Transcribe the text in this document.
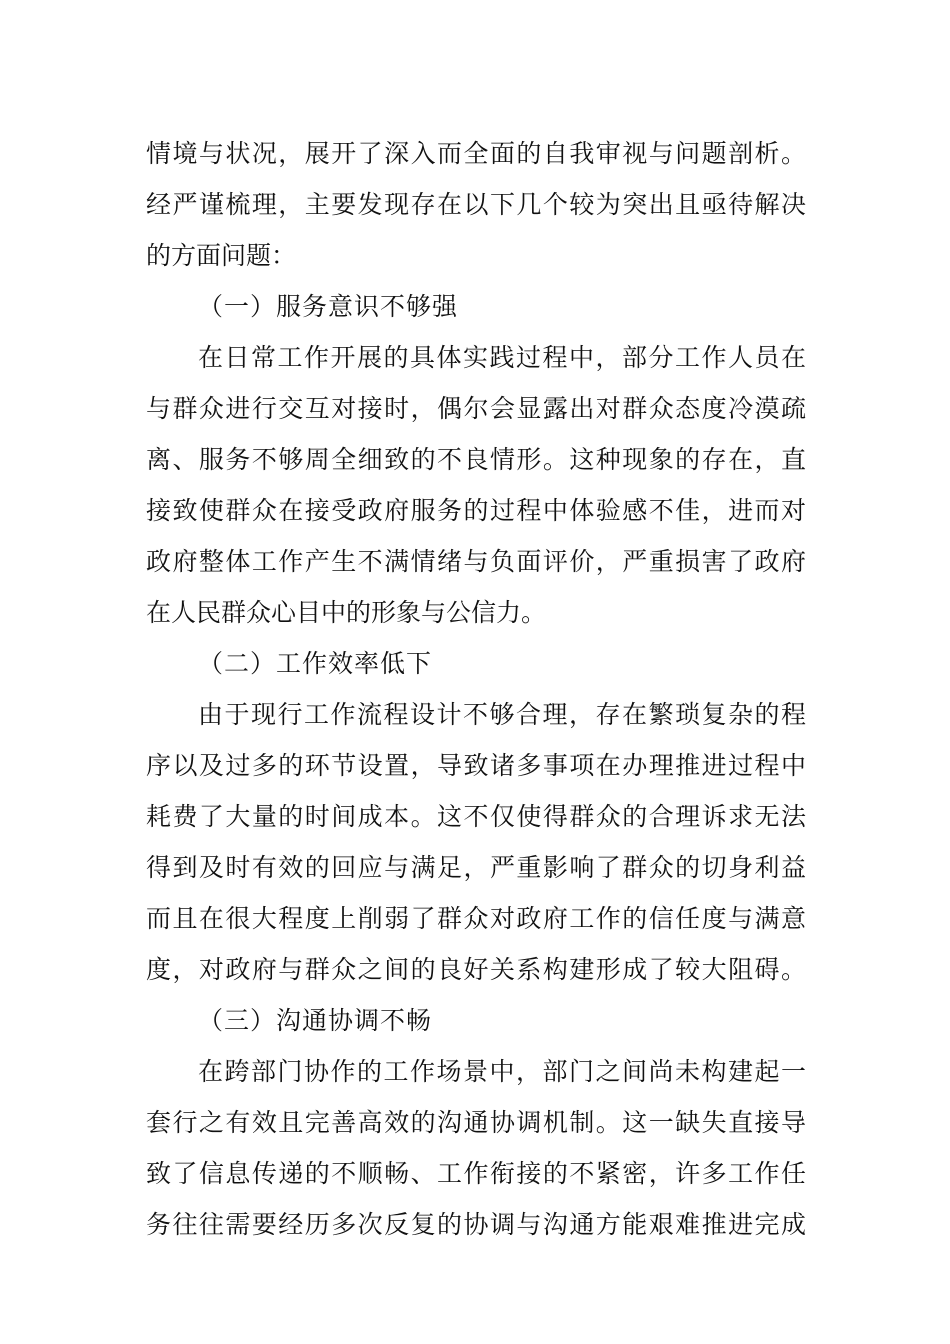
情境与状况，展开了深入而全面的自我审视与问题剖析。
经严谨梳理，主要发现存在以下几个较为突出且亟待解决
的方面问题：
（一）服务意识不够强
在日常工作开展的具体实践过程中，部分工作人员在
与群众进行交互对接时，偶尔会显露出对群众态度冷漠疏
离、服务不够周全细致的不良情形。这种现象的存在，直
接致使群众在接受政府服务的过程中体验感不佳，进而对
政府整体工作产生不满情绪与负面评价，严重损害了政府
在人民群众心目中的形象与公信力。
（二）工作效率低下
由于现行工作流程设计不够合理，存在繁琐复杂的程
序以及过多的环节设置，导致诸多事项在办理推进过程中
耗费了大量的时间成本。这不仅使得群众的合理诉求无法
得到及时有效的回应与满足，严重影响了群众的切身利益
而且在很大程度上削弱了群众对政府工作的信任度与满意
度，对政府与群众之间的良好关系构建形成了较大阻碍。
（三）沟通协调不畅
在跨部门协作的工作场景中，部门之间尚未构建起一
套行之有效且完善高效的沟通协调机制。这一缺失直接导
致了信息传递的不顺畅、工作衔接的不紧密，许多工作任
务往往需要经历多次反复的协调与沟通方能艰难推进完成
